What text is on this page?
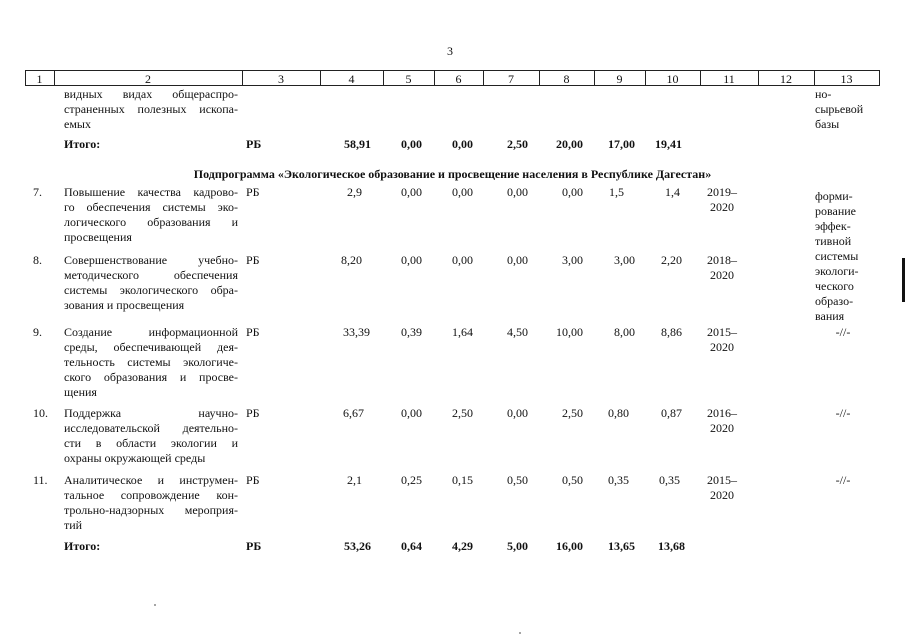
3
1	2	3	4	5	6	7	8	9	10	11	12	13
видных видах общераспро-
страненных полезных ископа-
емых
но-
сырьевой
базы
Итого:	РБ	58,91	0,00	0,00	2,50	20,00	17,00	19,41
Подпрограмма «Экологическое образование и просвещение населения в Республике Дагестан»
7. Повышение качества кадрово-
го обеспечения системы эко-
логического образования и
просвещения
РБ	2,9	0,00	0,00	0,00	0,00	1,5	1,4	2019–
2020
форми-
рование
эффек-
тивной
системы
экологи-
ческого
образо-
вания
8. Совершенствование учебно-
методического обеспечения
системы экологического обра-
зования и просвещения
РБ	8,20	0,00	0,00	0,00	3,00	3,00	2,20	2018–
2020
9. Создание информационной
среды, обеспечивающей дея-
тельность системы экологиче-
ского образования и просве-
щения
РБ	33,39	0,39	1,64	4,50	10,00	8,00	8,86	2015–
2020
-//-
10. Поддержка научно-
исследовательской деятельно-
сти в области экологии и
охраны окружающей среды
РБ	6,67	0,00	2,50	0,00	2,50	0,80	0,87	2016–
2020
-//-
11. Аналитическое и инструмен-
тальное сопровождение кон-
трольно-надзорных мероприя-
тий
РБ	2,1	0,25	0,15	0,50	0,50	0,35	0,35	2015–
2020
-//-
Итого:	РБ	53,26	0,64	4,29	5,00	16,00	13,65	13,68
